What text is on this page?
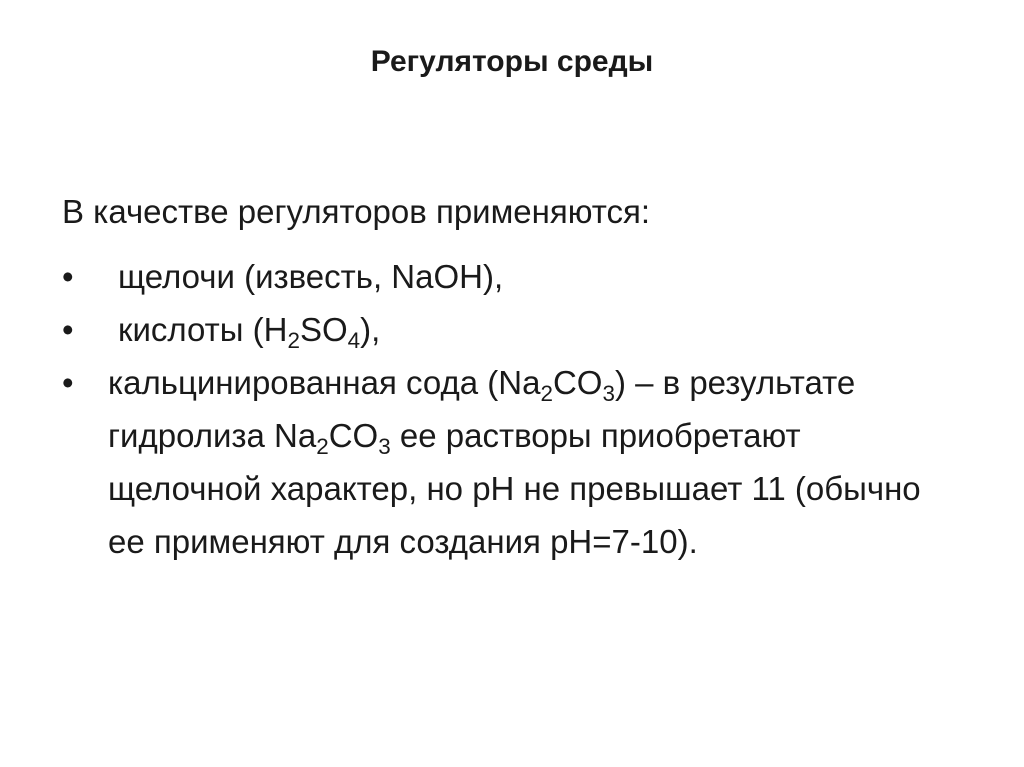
Регуляторы среды

В качестве регуляторов применяются:

• щелочи (известь, NaOH),
• кислоты $(H_2SO_4)$,
• кальцинированная сода $(Na_2CO_3)$ – в результате гидролиза $Na_2CO_3$ ее растворы приобретают щелочной характер, но pH не превышает 11 (обычно ее применяют для создания pH=7-10).
